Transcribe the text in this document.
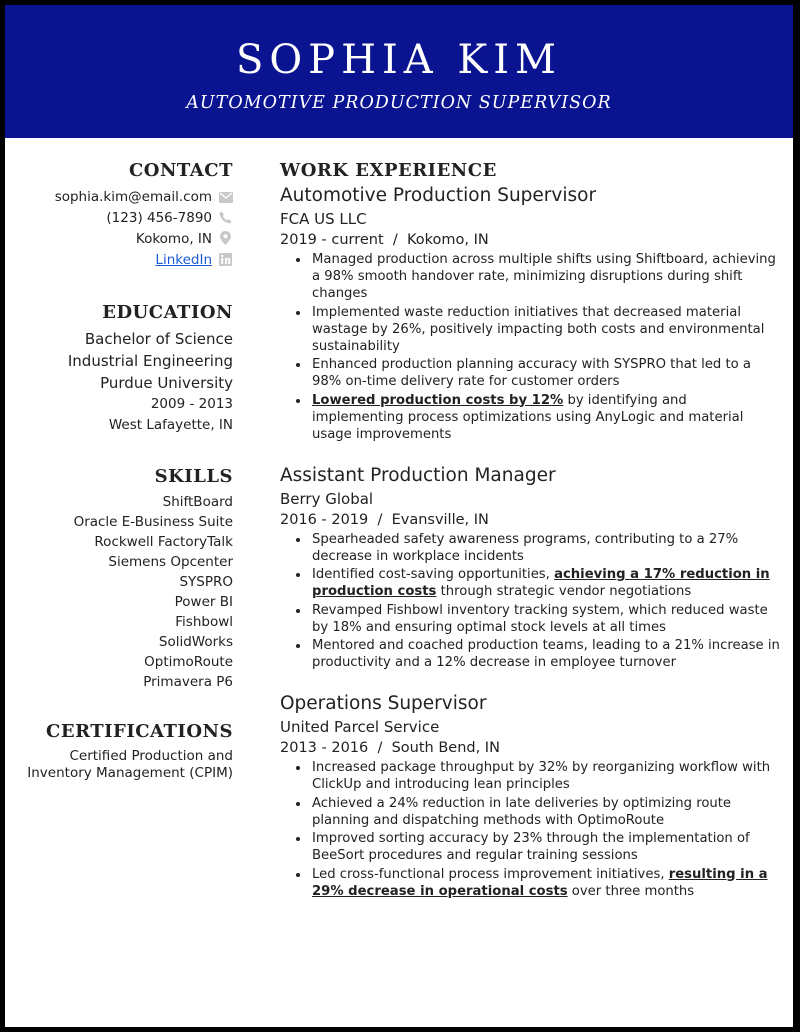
SOPHIA KIM
AUTOMOTIVE PRODUCTION SUPERVISOR
CONTACT
sophia.kim@email.com
(123) 456-7890
Kokomo, IN
LinkedIn
EDUCATION
Bachelor of Science
Industrial Engineering
Purdue University
2009 - 2013
West Lafayette, IN
SKILLS
ShiftBoard
Oracle E-Business Suite
Rockwell FactoryTalk
Siemens Opcenter
SYSPRO
Power BI
Fishbowl
SolidWorks
OptimoRoute
Primavera P6
CERTIFICATIONS
Certified Production and
Inventory Management (CPIM)
WORK EXPERIENCE
Automotive Production Supervisor
FCA US LLC
2019 - current  /  Kokomo, IN
Managed production across multiple shifts using Shiftboard, achieving a 98% smooth handover rate, minimizing disruptions during shift changes
Implemented waste reduction initiatives that decreased material wastage by 26%, positively impacting both costs and environmental sustainability
Enhanced production planning accuracy with SYSPRO that led to a 98% on-time delivery rate for customer orders
Lowered production costs by 12% by identifying and implementing process optimizations using AnyLogic and material usage improvements
Assistant Production Manager
Berry Global
2016 - 2019  /  Evansville, IN
Spearheaded safety awareness programs, contributing to a 27% decrease in workplace incidents
Identified cost-saving opportunities, achieving a 17% reduction in production costs through strategic vendor negotiations
Revamped Fishbowl inventory tracking system, which reduced waste by 18% and ensuring optimal stock levels at all times
Mentored and coached production teams, leading to a 21% increase in productivity and a 12% decrease in employee turnover
Operations Supervisor
United Parcel Service
2013 - 2016  /  South Bend, IN
Increased package throughput by 32% by reorganizing workflow with ClickUp and introducing lean principles
Achieved a 24% reduction in late deliveries by optimizing route planning and dispatching methods with OptimoRoute
Improved sorting accuracy by 23% through the implementation of BeeSort procedures and regular training sessions
Led cross-functional process improvement initiatives, resulting in a 29% decrease in operational costs over three months
